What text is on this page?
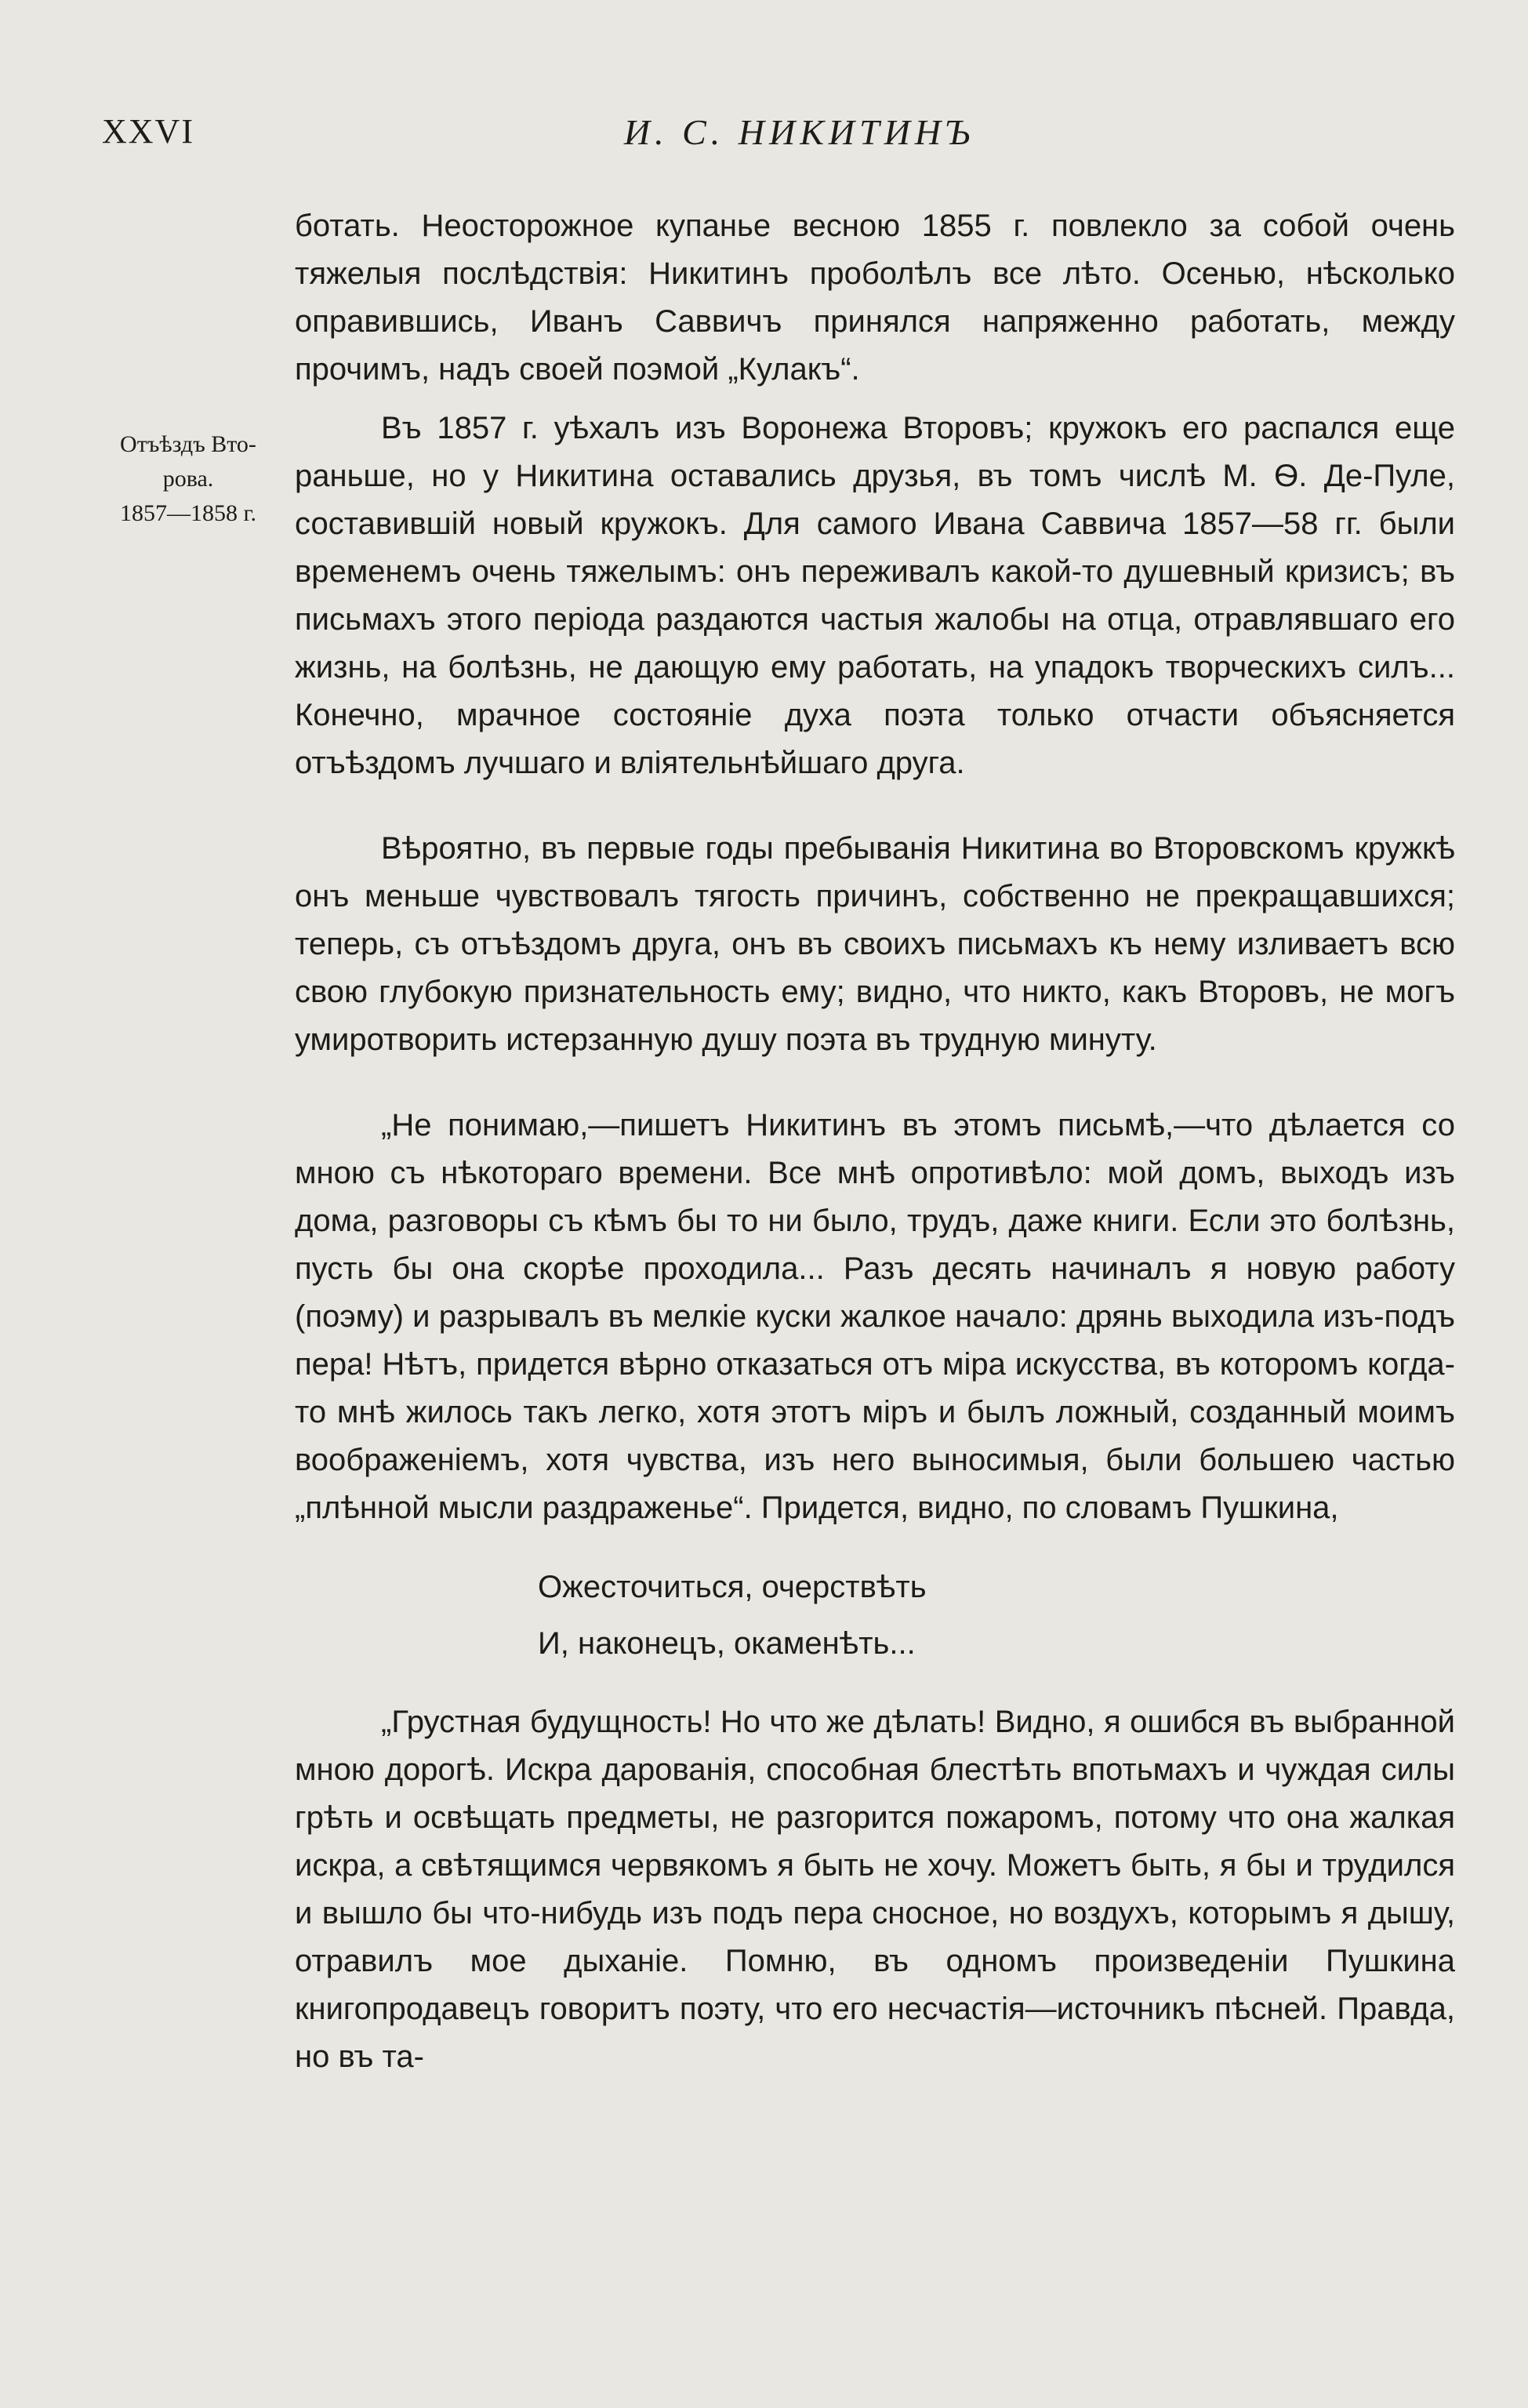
XXVI	И. С. НИКИТИНЪ
Отъѣздъ Вто-
рова.
1857—1858 г.

ботать. Неосторожное купанье весною 1855 г. повлекло за собой очень тяжелыя послѣдствія: Никитинъ проболѣлъ все лѣто. Осенью, нѣсколько оправившись, Иванъ Саввичъ принялся напряженно работать, между прочимъ, надъ своей поэмой „Кулакъ“.

Въ 1857 г. уѣхалъ изъ Воронежа Второвъ; кружокъ его распался еще раньше, но у Никитина оставались друзья, въ томъ числѣ М. Ѳ. Де-Пуле, составившій новый кружокъ. Для самого Ивана Саввича 1857—58 гг. были временемъ очень тяжелымъ: онъ переживалъ какой-то душевный кризисъ; въ письмахъ этого періода раздаются частыя жалобы на отца, отравлявшаго его жизнь, на болѣзнь, не дающую ему работать, на упадокъ творческихъ силъ... Конечно, мрачное состояніе духа поэта только отчасти объясняется отъѣздомъ лучшаго и вліятельнѣйшаго друга.

Вѣроятно, въ первые годы пребыванія Никитина во Второвскомъ кружкѣ онъ меньше чувствовалъ тягость причинъ, собственно не прекращавшихся; теперь, съ отъѣздомъ друга, онъ въ своихъ письмахъ къ нему изливаетъ всю свою глубокую признательность ему; видно, что никто, какъ Второвъ, не могъ умиротворить истерзанную душу поэта въ трудную минуту.

„Не понимаю,—пишетъ Никитинъ въ этомъ письмѣ,—что дѣлается со мною съ нѣкотораго времени. Все мнѣ опротивѣло: мой домъ, выходъ изъ дома, разговоры съ кѣмъ бы то ни было, трудъ, даже книги. Если это болѣзнь, пусть бы она скорѣе проходила... Разъ десять начиналъ я новую работу (поэму) и разрывалъ въ мелкіе куски жалкое начало: дрянь выходила изъ-подъ пера! Нѣтъ, придется вѣрно отказаться отъ міра искусства, въ которомъ когда-то мнѣ жилось такъ легко, хотя этотъ міръ и былъ ложный, созданный моимъ воображеніемъ, хотя чувства, изъ него выносимыя, были большею частью „плѣнной мысли раздраженье“. Придется, видно, по словамъ Пушкина,

Ожесточиться, очерствѣть
И, наконецъ, окаменѣть...

„Грустная будущность! Но что же дѣлать! Видно, я ошибся въ выбранной мною дорогѣ. Искра дарованія, способная блестѣть впотьмахъ и чуждая силы грѣть и освѣщать предметы, не разгорится пожаромъ, потому что она жалкая искра, а свѣтящимся червякомъ я быть не хочу. Можетъ быть, я бы и трудился и вышло бы что-нибудь изъ подъ пера сносное, но воздухъ, которымъ я дышу, отравилъ мое дыханіе. Помню, въ одномъ произведеніи Пушкина книгопродавецъ говоритъ поэту, что его несчастія—источникъ пѣсней. Правда, но въ та-
